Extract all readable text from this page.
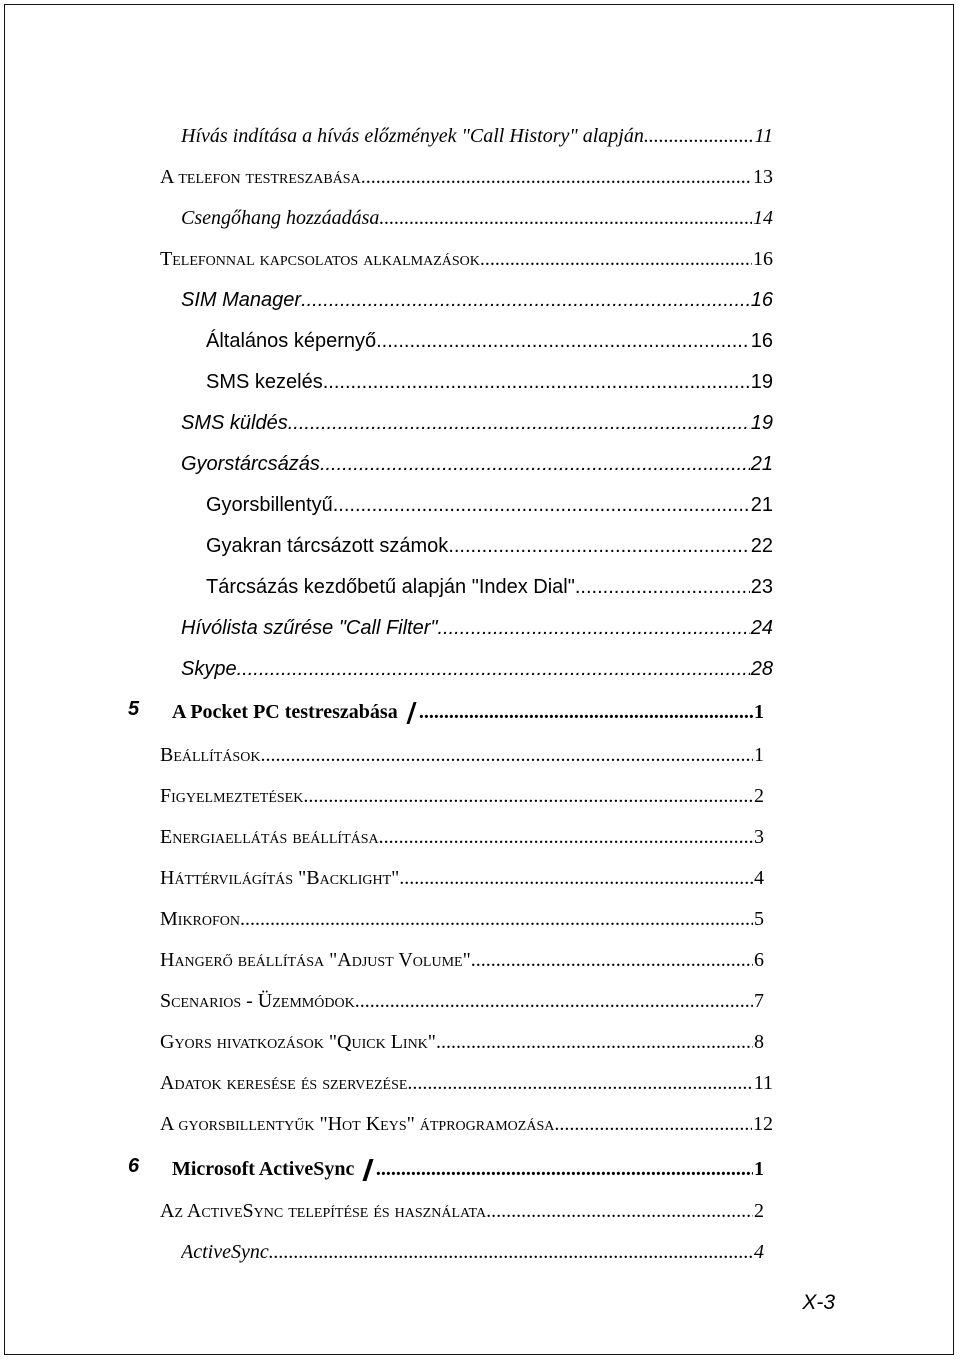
Hívás indítása a hívás előzmények "Call History" alapján .....	11
A telefon testreszabása .....	13
Csengőhang hozzáadása .....	14
Telefonnal kapcsolatos alkalmazások .....	16
SIM Manager .....	16
Általános képernyő .....	16
SMS kezelés .....	19
SMS küldés .....	19
Gyorstárcsázás .....	21
Gyorsbillentyű .....	21
Gyakran tárcsázott számok .....	22
Tárcsázás kezdőbetű alapján "Index Dial" .....	23
Hívólista szűrése "Call Filter" .....	24
Skype .....	28
5 A Pocket PC testreszabása .....	1
Beállítások .....	1
Figyelmeztetések .....	2
Energiaellátás beállítása .....	3
Háttérvilágítás "Backlight" .....	4
Mikrofon .....	5
Hangerő beállítása "Adjust Volume" .....	6
Scenarios - Üzemmódok .....	7
Gyors hivatkozások "Quick Link" .....	8
Adatok keresése és szervezése .....	11
A gyorsbillentyűk "Hot Keys" átprogramozása .....	12
6 Microsoft ActiveSync .....	1
Az ActiveSync telepítése és használata .....	2
ActiveSync .....	4
X-3
